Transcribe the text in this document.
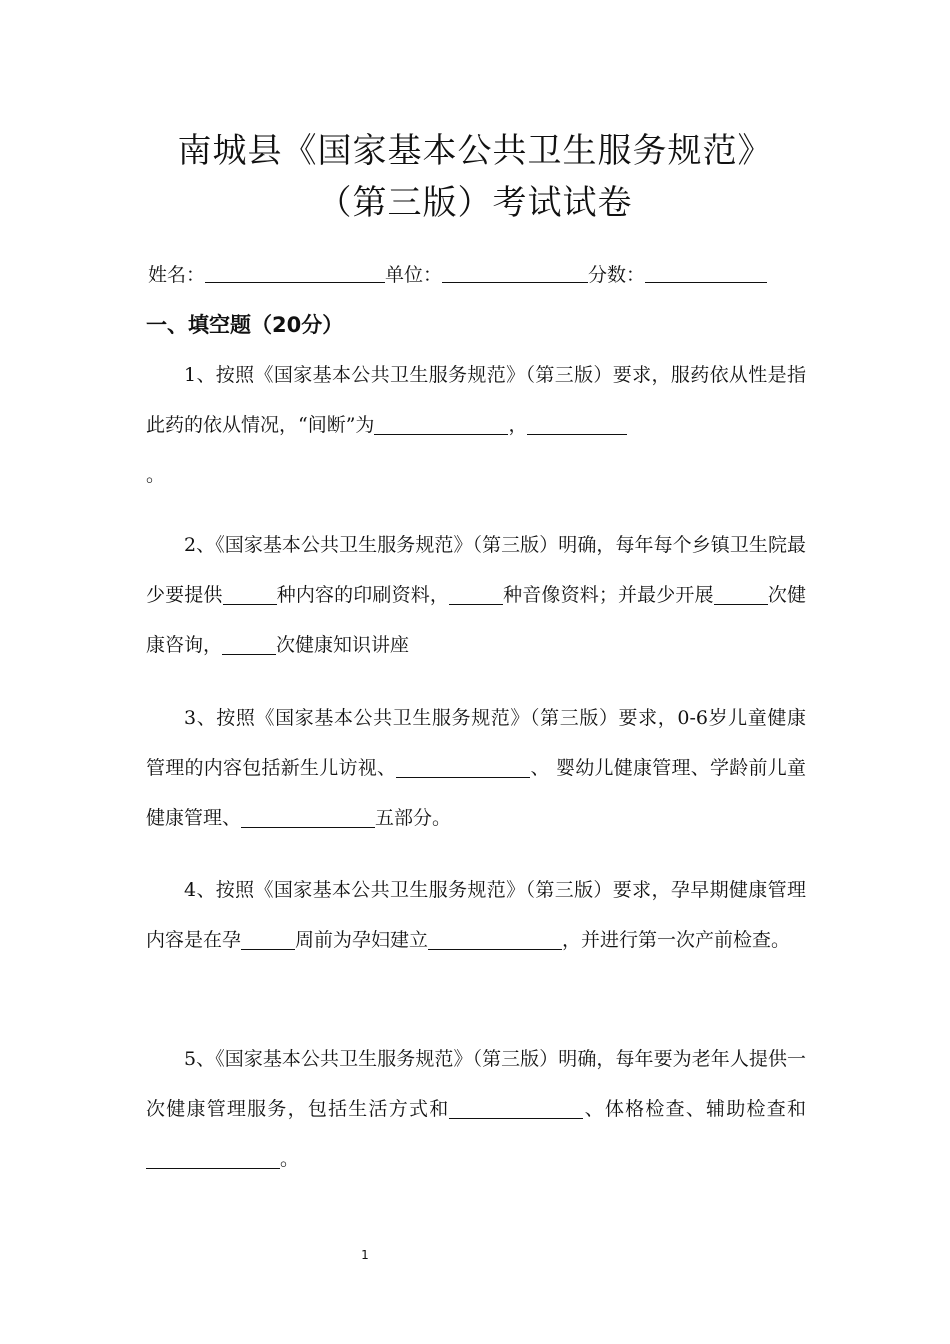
南城县《国家基本公共卫生服务规范》
（第三版）考试试卷
姓名：	单位：	分数：
一、填空题（20分）
1、按照《国家基本公共卫生服务规范》（第三版）要求，服药依从性是指此药的依从情况，“间断”为	，
。
2、《国家基本公共卫生服务规范》（第三版）明确，每年每个乡镇卫生院最少要提供	种内容的印刷资料，	种音像资料；并最少开展	次健康咨询，	次健康知识讲座
3、按照《国家基本公共卫生服务规范》（第三版）要求，0-6岁儿童健康管理的内容包括新生儿访视、	、 婴幼儿健康管理、学龄前儿童健康管理、	五部分。
4、按照《国家基本公共卫生服务规范》（第三版）要求，孕早期健康管理内容是在孕	周前为孕妇建立	，并进行第一次产前检查。
5、《国家基本公共卫生服务规范》（第三版）明确，每年要为老年人提供一次健康管理服务，包括生活方式和	、体格检查、辅助检查和 。
1
